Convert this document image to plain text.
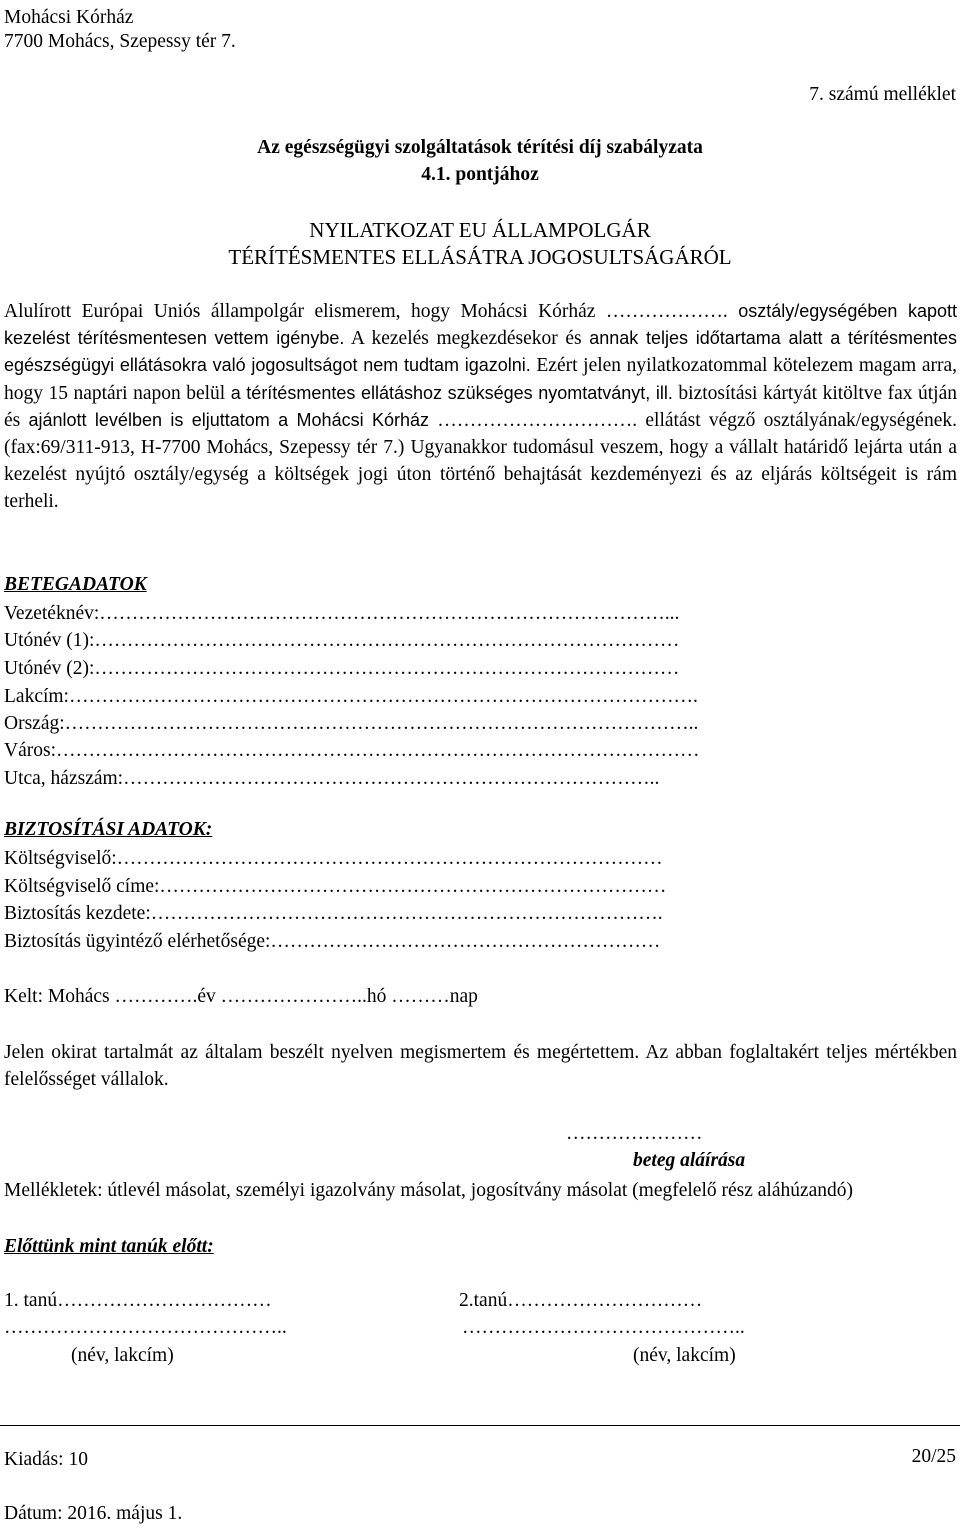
Mohácsi Kórház
7700 Mohács, Szepessy tér 7.
7. számú melléklet
Az egészségügyi szolgáltatások térítési díj szabályzata
4.1. pontjához
NYILATKOZAT EU ÁLLAMPOLGÁR
TÉRÍTÉSMENTES ELLÁSÁTRA JOGOSULTSÁGÁRÓL
Alulírott Európai Uniós állampolgár elismerem, hogy Mohácsi Kórház ………………. osztály/egységében kapott kezelést térítésmentesen vettem igénybe. A kezelés megkezdésekor és annak teljes időtartama alatt a térítésmentes egészségügyi ellátásokra való jogosultságot nem tudtam igazolni. Ezért jelen nyilatkozatommal kötelezem magam arra, hogy 15 naptári napon belül a térítésmentes ellátáshoz szükséges nyomtatványt, ill. biztosítási kártyát kitöltve fax útján és ajánlott levélben is eljuttatom a Mohácsi Kórház …………………………. ellátást végző osztályának/egységének. (fax:69/311-913, H-7700 Mohács, Szepessy tér 7.) Ugyanakkor tudomásul veszem, hogy a vállalt határidő lejárta után a kezelést nyújtó osztály/egység a költségek jogi úton történő behajtását kezdeményezi és az eljárás költségeit is rám terheli.
BETEGADATOK
Vezetéknév:……………………………………………………………………………...
Utónév (1):………………………………………………………………………………
Utónév (2):………………………………………………………………………………
Lakcím:…………………………………………………………………………………….
Ország:……………………………………………………………………………………..
Város:………………………………………………………………………………………
Utca, házszám:………………………………………………………………………..
BIZTOSÍTÁSI ADATOK:
Költségviselő:…………………………………………………………………………
Költségviselő címe:……………………………………………………………………
Biztosítás kezdete:…………………………………………………………………….
Biztosítás ügyintéző elérhetősége:……………………………………………………
Kelt: Mohács ………….év …………………..hó ………nap
Jelen okirat tartalmát az általam beszélt nyelven megismertem és megértettem. Az abban foglaltakért teljes mértékben felelősséget vállalok.
…………………
beteg aláírása
Mellékletek: útlevél másolat, személyi igazolvány másolat, jogosítvány másolat (megfelelő rész aláhúzandó)
Előttünk mint tanúk előtt:
1. tanú……………………………	2.tanú…………………………
……………………………………..	……………………………………..
(név, lakcím)	(név, lakcím)
Kiadás: 10	20/25
Dátum: 2016. május 1.
